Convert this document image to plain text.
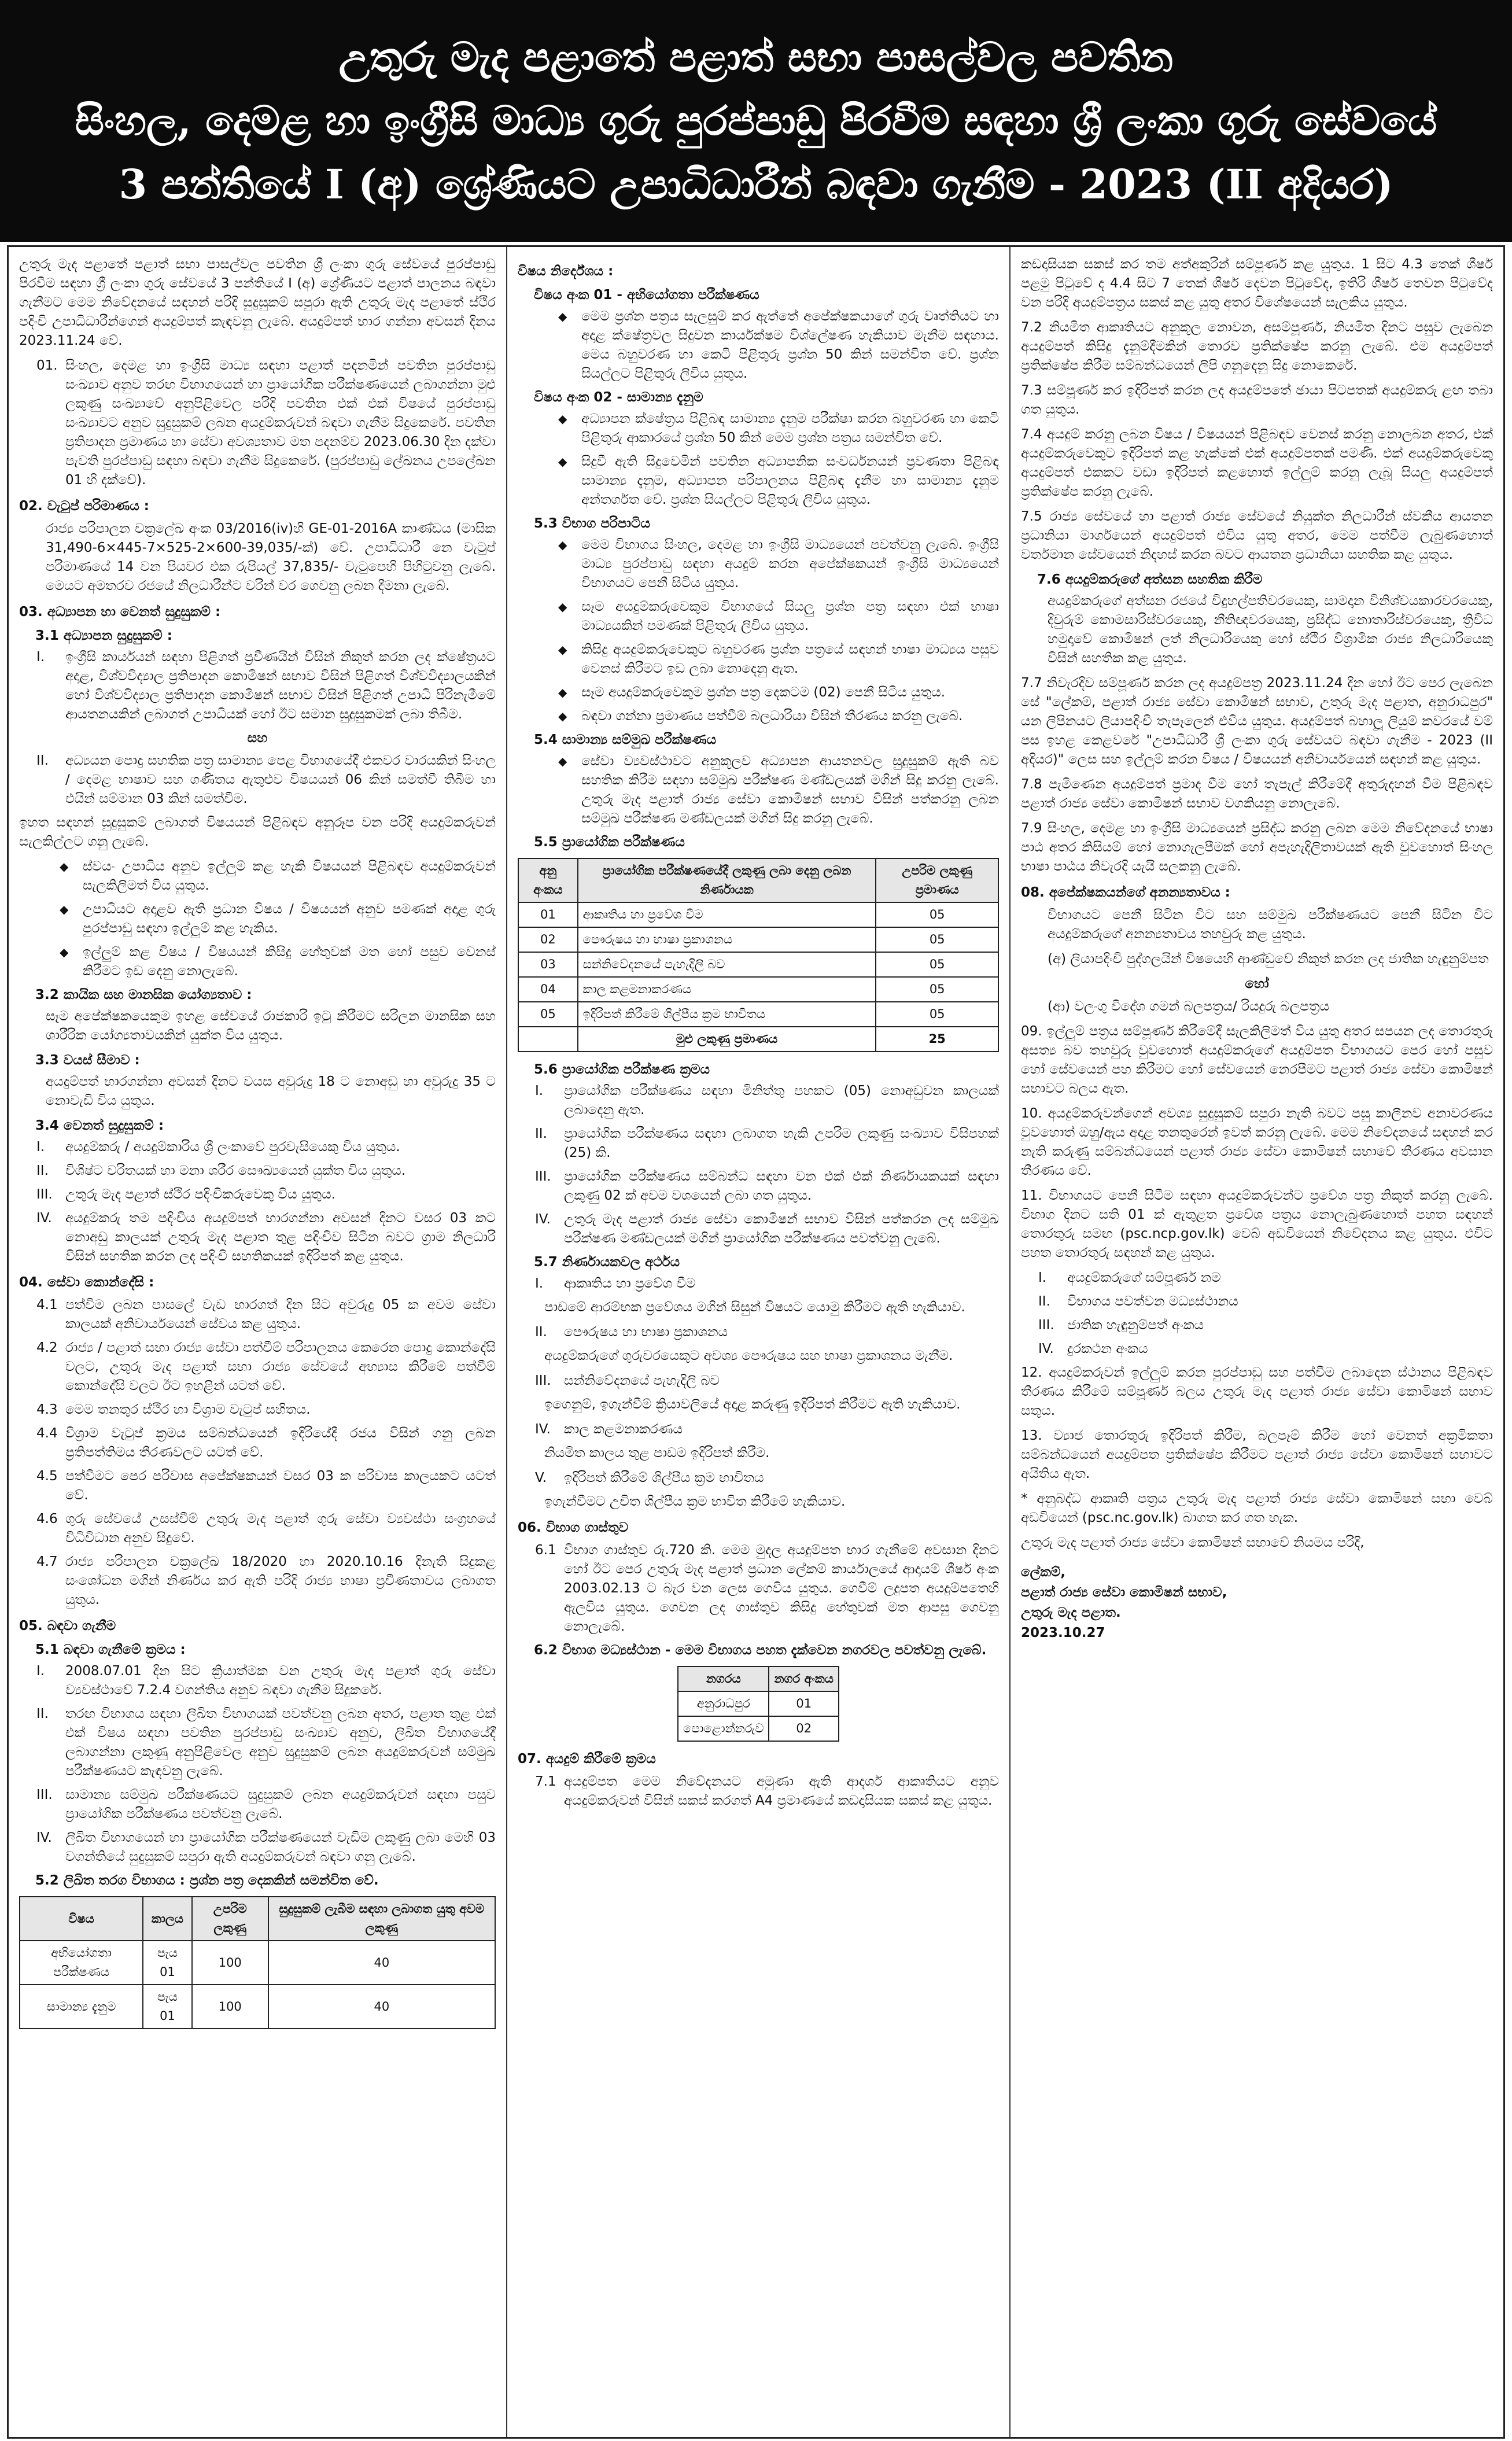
උතුරු මැද පළාතේ පළාත් සභා පාසල්වල පවතින
සිංහල, දෙමළ හා ඉංග්‍රීසි මාධ්‍ය ගුරු පුරප්පාඩු පිරවීම සඳහා ශ්‍රී ලංකා ගුරු සේවයේ
3 පන්තියේ I (අ) ශ්‍රේණියට උපාධිධාරීන් බඳවා ගැනීම - 2023 (II අදියර)

උතුරු මැද පළාතේ පළාත් සභා පාසල්වල පවතින ශ්‍රී ලංකා ගුරු සේවයේ පුරප්පාඩු පිරවීම සඳහා ශ්‍රී ලංකා ගුරු සේවයේ 3 පන්තියේ I (අ) ශ්‍රේණියට පළාත් පාලනය බඳවා ගැනීමට මෙම නිවේදනයේ සඳහන් පරිදි සුදුසුකම් සපුරා ඇති උතුරු මැද පළාතේ ස්ථිර පදිංචි උපාධිධාරීන්ගෙන් අයදුම්පත් කැඳවනු ලැබේ. අයදුම්පත් භාර ගන්නා අවසන් දිනය 2023.11.24 වේ.

01. සිංහල, දෙමළ හා ඉංග්‍රීසි මාධ්‍ය සඳහා පළාත් පදනමින් පවතින පුරප්පාඩු සංඛ්‍යාව අනුව තරඟ විභාගයෙන් හා ප්‍රායෝගික පරීක්ෂණයෙන් ලබාගන්නා මුළු ලකුණු සංඛ්‍යාවේ අනුපිළිවෙල පරිදි පවතින එක් එක් විෂයේ පුරප්පාඩු සංඛ්‍යාවට අනුව සුදුසුකම් ලබන අයදුම්කරුවන් බඳවා ගැනීම සිදුකෙරේ. පවතින ප්‍රතිපාදන ප්‍රමාණය හා සේවා අවශ්‍යතාව මත පදනම්ව 2023.06.30 දින දක්වා පැවති පුරප්පාඩු සඳහා බඳවා ගැනීම සිදුකෙරේ. (පුරප්පාඩු ලේඛනය උපලේඛන 01 හි දක්වේ).
02. වැටුප් පරිමාණය :

රාජ්‍ය පරිපාලන චක්‍රලේඛ අංක 03/2016(iv)හි GE-01-2016A කාණ්ඩය (මාසික 31,490-6×445-7×525-2×600-39,035/-ක්) වේ. උපාධිධාරී නෙ වැටුප් පරිමාණයේ 14 වන පියවර එක රුපියල් 37,835/- වැටුපෙහි පිහිටුවනු ලැබේ. මෙයට අමතරව රජයේ නිලධාරීන්ට වරින් වර ගෙවනු ලබන දීමනා ලැබේ.

03. අධ්‍යාපන හා වෙනත් සුදුසුකම් :
3.1 අධ්‍යාපන සුදුසුකම් :
I. ඉංග්‍රීසි කාර්යයන් සඳහා පිළිගත් ප්‍රවීණයින් විසින් නිකුත් කරන ලද ක්ෂේත්‍රයට අදාළ, විශ්වවිද්‍යාල ප්‍රතිපාදන කොමිෂන් සභාව විසින් පිළිගත් විශ්වවිද්‍යාලයකින් හෝ විශ්වවිද්‍යාල ප්‍රතිපාදන කොමිෂන් සභාව විසින් පිළිගත් උපාධි පිරිනැමීමේ ආයතනයකින් ලබාගත් උපාධියක් හෝ ඊට සමාන සුදුසුකමක් ලබා තිබීම.
සහ
II. අධ්‍යයන පොදු සහතික පත්‍ර සාමාන්‍ය පෙළ විභාගයේදී එකවර වාරයකින් සිංහල / දෙමළ භාෂාව සහ ගණිතය ඇතුළුව විෂයයන් 06 කින් සමත්වී තිබීම හා එයින් සම්මාන 03 කින් සමත්වීම.

ඉහත සඳහන් සුදුසුකම් ලබාගත් විෂයයන් පිළිබඳව අනුරූප වන පරිදි අයදුම්කරුවන් සැලකිල්ලට ගනු ලැබේ.

◆ ස්වයං උපාධිය අනුව ඉල්ලුම් කළ හැකි විෂයයන් පිළිබඳව අයදුම්කරුවන් සැලකිලිමත් විය යුතුය.
◆ උපාධියට අදාළව ඇති ප්‍රධාන විෂය / විෂයයන් අනුව පමණක් අදාළ ගුරු පුරප්පාඩු සඳහා ඉල්ලුම් කළ හැකිය.
◆ ඉල්ලුම් කළ විෂය / විෂයයන් කිසිදු හේතුවක් මත හෝ පසුව වෙනස් කිරීමට ඉඩ දෙනු නොලැබේ.
3.2 කායික සහ මානසික යෝග්‍යතාව :

සෑම අපේක්ෂකයෙකුම ඉහළ සේවයේ රාජකාරි ඉටු කිරීමට සරිලන මානසික සහ ශාරීරික යෝග්‍යතාවයකින් යුක්ත විය යුතුය.

3.3 වයස් සීමාව :

අයදුම්පත් භාරගන්නා අවසන් දිනට වයස අවුරුදු 18 ට නොඅඩු හා අවුරුදු 35 ට නොවැඩි විය යුතුය.

3.4 වෙනත් සුදුසුකම් :
I. අයදුම්කරු / අයදුම්කාරිය ශ්‍රී ලංකාවේ පුරවැසියෙකු විය යුතුය.
II. විශිෂ්ට චරිතයක් හා මනා ශරීර සෞඛ්‍යයෙන් යුක්ත විය යුතුය.
III. උතුරු මැද පළාත් ස්ථිර පදිංචිකරුවෙකු විය යුතුය.
IV. අයදුම්කරු තම පදිංචිය අයදුම්පත් භාරගන්නා අවසන් දිනට වසර 03 කට නොඅඩු කාලයක් උතුරු මැද පළාත තුළ පදිංචිව සිටින බවට ග්‍රාම නිලධාරි විසින් සහතික කරන ලද පදිංචි සහතිකයක් ඉදිරිපත් කළ යුතුය.
04. සේවා කොන්දේසි :
4.1 පත්වීම ලබන පාසලේ වැඩ භාරගත් දින සිට අවුරුදු 05 ක අවම සේවා කාලයක් අනිවාර්යයෙන් සේවය කළ යුතුය.
4.2 රාජ්‍ය / පළාත් සභා රාජ්‍ය සේවා පත්වීම් පරිපාලනය කෙරෙන පොදු කොන්දේසි වලට, උතුරු මැද පළාත් සභා රාජ්‍ය සේවයේ අභ්‍යාස කිරීමේ පත්වීම් කොන්දේසි වලට ඊට ඉහළින් යටත් වේ.
4.3 මෙම තනතුර ස්ථිර හා විශ්‍රාම වැටුප් සහිතය.
4.4 විශ්‍රාම වැටුප් ක්‍රමය සම්බන්ධයෙන් ඉදිරියේදී රජය විසින් ගනු ලබන ප්‍රතිපත්තිමය තීරණවලට යටත් වේ.
4.5 පත්වීමට පෙර පරිවාස අපේක්ෂකයන් වසර 03 ක පරිවාස කාලයකට යටත් වේ.
4.6 ගුරු සේවයේ උසස්වීම් උතුරු මැද පළාත් ගුරු සේවා ව්‍යවස්ථා සංග්‍රහයේ විධිවිධාන අනුව සිදුවේ.
4.7 රාජ්‍ය පරිපාලන චක්‍රලේඛ 18/2020 හා 2020.10.16 දිනැති සිදුකළ සංශෝධන මගින් නිර්ණය කර ඇති පරිදි රාජ්‍ය භාෂා ප්‍රවීණතාවය ලබාගත යුතුය.
05. බඳවා ගැනීම
5.1 බඳවා ගැනීමේ ක්‍රමය :
I. 2008.07.01 දින සිට ක්‍රියාත්මක වන උතුරු මැද පළාත් ගුරු සේවා ව්‍යවස්ථාවේ 7.2.4 වගන්තිය අනුව බඳවා ගැනීම සිදුකරේ.
II. තරඟ විභාගය සඳහා ලිඛිත විභාගයක් පවත්වනු ලබන අතර, පළාත තුළ එක් එක් විෂය සඳහා පවතින පුරප්පාඩු සංඛ්‍යාව අනුව, ලිඛිත විභාගයේදී ලබාගන්නා ලකුණු අනුපිළිවෙල අනුව සුදුසුකම් ලබන අයදුම්කරුවන් සම්මුඛ පරීක්ෂණයට කැඳවනු ලැබේ.
III. සාමාන්‍ය සම්මුඛ පරීක්ෂණයට සුදුසුකම් ලබන අයදුම්කරුවන් සඳහා පසුව ප්‍රායෝගික පරීක්ෂණය පවත්වනු ලැබේ.
IV. ලිඛිත විභාගයෙන් හා ප්‍රායෝගික පරීක්ෂණයෙන් වැඩිම ලකුණු ලබා මෙහි 03 වගන්තියේ සුදුසුකම් සපුරා ඇති අයදුම්කරුවන් බඳවා ගනු ලැබේ.
5.2 ලිඛිත තරග විභාගය : ප්‍රශ්න පත්‍ර දෙකකින් සමන්විත වේ.
විෂය	කාලය	උපරිම ලකුණු	සුදුසුකම් ලැබීම සඳහා ලබාගත යුතු අවම ලකුණු
අභියෝගතා පරීක්ෂණය	පැය 01	100	40
සාමාන්‍ය දැනුම	පැය 01	100	40
විෂය නිර්දේශය :
විෂය අංක 01 - අභියෝගතා පරීක්ෂණය
◆ මෙම ප්‍රශ්න පත්‍රය සැලසුම් කර ඇත්තේ අපේක්ෂකයාගේ ගුරු වෘත්තියට හා අදාළ ක්ෂේත්‍රවල සිදුවන කාර්යක්ෂම විශ්ලේෂණ හැකියාව මැනීම සඳහාය. මෙය බහුවරණ හා කෙටි පිළිතුරු ප්‍රශ්න 50 කින් සමන්විත වේ. ප්‍රශ්න සියල්ලට පිළිතුරු ලිවිය යුතුය.
විෂය අංක 02 - සාමාන්‍ය දැනුම
◆ අධ්‍යාපන ක්ෂේත්‍රය පිළිබඳ සාමාන්‍ය දැනුම පරීක්ෂා කරන බහුවරණ හා කෙටි පිළිතුරු ආකාරයේ ප්‍රශ්න 50 කින් මෙම ප්‍රශ්න පත්‍රය සමන්විත වේ.
◆ සිදුවී ඇති සිදුවෙමින් පවතින අධ්‍යාපනික සංවර්ධනයන් ප්‍රවණතා පිළිබඳ සාමාන්‍ය දැනුම, අධ්‍යාපන පරිපාලනය පිළිබඳ දැනීම හා සාමාන්‍ය දැනුම අන්තර්ගත වේ. ප්‍රශ්න සියල්ලට පිළිතුරු ලිවිය යුතුය.
5.3 විභාග පරිපාටිය
◆ මෙම විභාගය සිංහල, දෙමළ හා ඉංග්‍රීසි මාධ්‍යයෙන් පවත්වනු ලැබේ. ඉංග්‍රීසි මාධ්‍ය පුරප්පාඩු සඳහා අයදුම් කරන අපේක්ෂකයන් ඉංග්‍රීසි මාධ්‍යයෙන් විභාගයට පෙනී සිටිය යුතුය.
◆ සෑම අයදුම්කරුවෙකුම විභාගයේ සියලු ප්‍රශ්න පත්‍ර සඳහා එක් භාෂා මාධ්‍යයකින් පමණක් පිළිතුරු ලිවිය යුතුය.
◆ කිසිදු අයදුම්කරුවෙකුට බහුවරණ ප්‍රශ්න පත්‍රයේ සඳහන් භාෂා මාධ්‍යය පසුව වෙනස් කිරීමට ඉඩ ලබා නොදෙනු ඇත.
◆ සෑම අයදුම්කරුවෙකුම ප්‍රශ්න පත්‍ර දෙකටම (02) පෙනී සිටිය යුතුය.
◆ බඳවා ගන්නා ප්‍රමාණය පත්වීම් බලධාරියා විසින් තීරණය කරනු ලැබේ.
5.4 සාමාන්‍ය සම්මුඛ පරීක්ෂණය
◆ සේවා ව්‍යවස්ථාවට අනුකූලව අධ්‍යාපන ආයතනවල සුදුසුකම් ඇති බව සහතික කිරීම සඳහා සම්මුඛ පරීක්ෂණ මණ්ඩලයක් මගින් සිදු කරනු ලැබේ. උතුරු මැද පළාත් රාජ්‍ය සේවා කොමිෂන් සභාව විසින් පත්කරනු ලබන සම්මුඛ පරීක්ෂණ මණ්ඩලයක් මගින් සිදු කරනු ලැබේ.
5.5 ප්‍රායෝගික පරීක්ෂණය
අනු අංකය	ප්‍රායෝගික පරීක්ෂණයේදී ලකුණු ලබා දෙනු ලබන නිර්ණායක	උපරිම ලකුණු ප්‍රමාණය
01	ආකෘතිය හා ප්‍රවේශ වීම	05
02	පෞරුෂය හා භාෂා ප්‍රකාශනය	05
03	සන්නිවේදනයේ පැහැදිලි බව	05
04	කාල කළමනාකරණය	05
05	ඉදිරිපත් කිරීමේ ශිල්පීය ක්‍රම භාවිතය	05
	මුළු ලකුණු ප්‍රමාණය	25
5.6 ප්‍රායෝගික පරීක්ෂණ ක්‍රමය
I. ප්‍රායෝගික පරීක්ෂණය සඳහා මිනිත්තු පහකට (05) නොඅඩුවන කාලයක් ලබාදෙනු ඇත.
II. ප්‍රායෝගික පරීක්ෂණය සඳහා ලබාගත හැකි උපරිම ලකුණු සංඛ්‍යාව විසිපහක් (25) කි.
III. ප්‍රායෝගික පරීක්ෂණය සම්බන්ධ සඳහා වන එක් එක් නිර්ණායකයක් සඳහා ලකුණු 02 ක් අවම වශයෙන් ලබා ගත යුතුය.
IV. උතුරු මැද පළාත් රාජ්‍ය සේවා කොමිෂන් සභාව විසින් පත්කරන ලද සම්මුඛ පරීක්ෂණ මණ්ඩලයක් මගින් ප්‍රායෝගික පරීක්ෂණය පවත්වනු ලැබේ.
5.7 නිර්ණායකවල අර්ථය
I. ආකෘතිය හා ප්‍රවේශ වීම

පාඩමේ ආරම්භක ප්‍රවේශය මගින් සිසුන් විෂයට යොමු කිරීමට ඇති හැකියාව.

II. පෞරුෂය හා භාෂා ප්‍රකාශනය

අයදුම්කරුගේ ගුරුවරයෙකුට අවශ්‍ය පෞරුෂය සහ භාෂා ප්‍රකාශනය මැනීම.

III. සන්නිවේදනයේ පැහැදිලි බව

ඉගෙනුම්, ඉගැන්වීම් ක්‍රියාවලියේ අදාළ කරුණු ඉදිරිපත් කිරීමට ඇති හැකියාව.

IV. කාල කළමනාකරණය

නියමිත කාලය තුළ පාඩම ඉදිරිපත් කිරීම.

V. ඉදිරිපත් කිරීමේ ශිල්පීය ක්‍රම භාවිතය

ඉගැන්වීමට උචිත ශිල්පීය ක්‍රම භාවිත කිරීමේ හැකියාව.

06. විභාග ගාස්තුව
6.1 විභාග ගාස්තුව රු.720 කි. මෙම මුදල අයදුම්පත භාර ගැනීමේ අවසාන දිනට හෝ ඊට පෙර උතුරු මැද පළාත් ප්‍රධාන ලේකම් කාර්යාලයේ ආදායම් ශීර්ෂ අංක 2003.02.13 ට බැර වන ලෙස ගෙවිය යුතුය. ගෙවීම් ලදුපත අයදුම්පතෙහි ඇලවිය යුතුය. ගෙවන ලද ගාස්තුව කිසිදු හේතුවක් මත ආපසු ගෙවනු නොලැබේ.
6.2 විභාග මධ්‍යස්ථාන - මෙම විභාගය පහත දැක්වෙන නගරවල පවත්වනු ලැබේ.
නගරය	නගර අංකය
අනුරාධපුර	01
පොළොන්නරුව	02
07. අයදුම් කිරීමේ ක්‍රමය
7.1 අයදුම්පත මෙම නිවේදනයට අමුණා ඇති ආදර්ශ ආකෘතියට අනුව අයදුම්කරුවන් විසින් සකස් කරගත් A4 ප්‍රමාණයේ කඩදාසියක සකස් කළ යුතුය.

කඩදාසියක සකස් කර තම අත්අකුරින් සම්පූර්ණ කළ යුතුය. 1 සිට 4.3 තෙක් ශීර්ෂ පළමු පිටුවේ ද 4.4 සිට 7 තෙක් ශීර්ෂ දෙවන පිටුවේද, ඉතිරි ශීර්ෂ තෙවන පිටුවේද වන පරිදි අයදුම්පත්‍රය සකස් කළ යුතු අතර විශේෂයෙන් සැලකිය යුතුය.

7.2 නියමිත ආකෘතියට අනුකූල නොවන, අසම්පූර්ණ, නියමිත දිනට පසුව ලැබෙන අයදුම්පත් කිසිදු දැනුම්දීමකින් තොරව ප්‍රතික්ෂේප කරනු ලැබේ. එම අයදුම්පත් ප්‍රතික්ෂේප කිරීම සම්බන්ධයෙන් ලිපි ගනුදෙනු සිදු නොකෙරේ.

7.3 සම්පූර්ණ කර ඉදිරිපත් කරන ලද අයදුම්පතේ ඡායා පිටපතක් අයදුම්කරු ළඟ තබා ගත යුතුය.

7.4 අයදුම් කරනු ලබන විෂය / විෂයයන් පිළිබඳව වෙනස් කරනු නොලබන අතර, එක් අයදුම්කරුවෙකුට ඉදිරිපත් කළ හැක්කේ එක් අයදුම්පතක් පමණි. එක් අයදුම්කරුවෙකු අයදුම්පත් එකකට වඩා ඉදිරිපත් කළහොත් ඉල්ලුම් කරනු ලැබූ සියලු අයදුම්පත් ප්‍රතික්ෂේප කරනු ලැබේ.

7.5 රාජ්‍ය සේවයේ හා පළාත් රාජ්‍ය සේවයේ නියුක්ත නිලධාරීන් ස්වකීය ආයතන ප්‍රධානියා මාර්ගයෙන් අයදුම්පත් එවිය යුතු අතර, මෙම පත්වීම ලැබුණහොත් වර්තමාන සේවයෙන් නිදහස් කරන බවට ආයතන ප්‍රධානියා සහතික කළ යුතුය.

7.6 අයදුම්කරුගේ අත්සන සහතික කිරීම

අයදුම්කරුගේ අත්සන රජයේ විදුහල්පතිවරයෙකු, සාමදාන විනිශ්චයකාරවරයෙකු, දිවුරුම් කොමසාරිස්වරයෙකු, නීතිඥවරයෙකු, ප්‍රසිද්ධ නොතාරිස්වරයෙකු, ත්‍රිවිධ හමුදාවේ කොමිෂන් ලත් නිලධාරියෙකු හෝ ස්ථිර විශ්‍රාමික රාජ්‍ය නිලධාරියෙකු විසින් සහතික කළ යුතුය.

7.7 නිවැරදිව සම්පූර්ණ කරන ලද අයදුම්පත්‍ර 2023.11.24 දින හෝ ඊට පෙර ලැබෙන සේ "ලේකම්, පළාත් රාජ්‍ය සේවා කොමිෂන් සභාව, උතුරු මැද පළාත, අනුරාධපුර" යන ලිපිනයට ලියාපදිංචි තැපෑලෙන් එවිය යුතුය. අයදුම්පත් බහාලූ ලියුම් කවරයේ වම් පස ඉහළ කෙළවරේ "උපාධිධාරී ශ්‍රී ලංකා ගුරු සේවයට බඳවා ගැනීම - 2023 (II අදියර)" ලෙස සහ ඉල්ලුම් කරන විෂය / විෂයයන් අනිවාර්යයෙන් සඳහන් කළ යුතුය.

7.8 පැමිණෙන අයදුම්පත් ප්‍රමාද වීම හෝ තැපැල් කිරීමේදී අතුරුදහන් වීම පිළිබඳව පළාත් රාජ්‍ය සේවා කොමිෂන් සභාව වගකියනු නොලැබේ.

7.9 සිංහල, දෙමළ හා ඉංග්‍රීසි මාධ්‍යයෙන් ප්‍රසිද්ධ කරනු ලබන මෙම නිවේදනයේ භාෂා පාඨ අතර කිසියම් හෝ නොගැලපීමක් හෝ අපැහැදිලිතාවයක් ඇති වුවහොත් සිංහල භාෂා පාඨය නිවැරදි යැයි සලකනු ලැබේ.

08. අපේක්ෂකයන්ගේ අනන්‍යතාවය :

විභාගයට පෙනී සිටින විට සහ සම්මුඛ පරීක්ෂණයට පෙනී සිටින විට අයදුම්කරුගේ අනන්‍යතාවය තහවුරු කළ යුතුය.

(අ) ලියාපදිංචි පුද්ගලයින් විෂයෙහි ආණ්ඩුවේ නිකුත් කරන ලද ජාතික හැඳුනුම්පත

හෝ

(ආ) වලංගු විදේශ ගමන් බලපත්‍රය/ රියදුරු බලපත්‍රය

09. ඉල්ලුම් පත්‍රය සම්පූර්ණ කිරීමේදී සැලකිලිමත් විය යුතු අතර සපයන ලද තොරතුරු අසත්‍ය බව තහවුරු වුවහොත් අයදුම්කරුගේ අයදුම්පත විභාගයට පෙර හෝ පසුව හෝ සේවයෙන් පහ කිරීමට හෝ සේවයෙන් නෙරපීමට පළාත් රාජ්‍ය සේවා කොමිෂන් සභාවට බලය ඇත.

10. අයදුම්කරුවන්ගෙන් අවශ්‍ය සුදුසුකම් සපුරා නැති බවට පසු කාලීනව අනාවරණය වුවහොත් ඔහු/ඇය අදාළ තනතුරෙන් ඉවත් කරනු ලැබේ. මෙම නිවේදනයේ සඳහන් කර නැති කරුණු සම්බන්ධයෙන් පළාත් රාජ්‍ය සේවා කොමිෂන් සභාවේ තීරණය අවසාන තීරණය වේ.

11. විභාගයට පෙනී සිටීම සඳහා අයදුම්කරුවන්ට ප්‍රවේශ පත්‍ර නිකුත් කරනු ලැබේ. විභාග දිනට සති 01 ක් ඇතුළත ප්‍රවේශ පත්‍රය නොලැබුණහොත් පහත සඳහන් තොරතුරු සමඟ (psc.ncp.gov.lk) වෙබ් අඩවියෙන් නිවේදනය කළ යුතුය. එවිට පහත තොරතුරු සඳහන් කළ යුතුය.

I. අයදුම්කරුගේ සම්පූර්ණ නම
II. විභාගය පවත්වන මධ්‍යස්ථානය
III. ජාතික හැඳුනුම්පත් අංකය
IV. දුරකථන අංකය

12. අයදුම්කරුවන් ඉල්ලුම් කරන පුරප්පාඩු සහ පත්වීම ලබාදෙන ස්ථානය පිළිබඳව තීරණය කිරීමේ සම්පූර්ණ බලය උතුරු මැද පළාත් රාජ්‍ය සේවා කොමිෂන් සභාව සතුය.

13. ව්‍යාජ තොරතුරු ඉදිරිපත් කිරීම, බලපෑම් කිරීම හෝ වෙනත් අක්‍රමිකතා සම්බන්ධයෙන් අයදුම්පත ප්‍රතික්ෂේප කිරීමට පළාත් රාජ්‍ය සේවා කොමිෂන් සභාවට අයිතිය ඇත.

* අනුබද්ධ ආකෘති පත්‍රය උතුරු මැද පළාත් රාජ්‍ය සේවා කොමිෂන් සභා වෙබ් අඩවියෙන් (psc.nc.gov.lk) බාගත කර ගත හැක.

උතුරු මැද පළාත් රාජ්‍ය සේවා කොමිෂන් සභාවේ නියමය පරිදි,

ලේකම්,
පළාත් රාජ්‍ය සේවා කොමිෂන් සභාව,
උතුරු මැද පළාත.
2023.10.27
